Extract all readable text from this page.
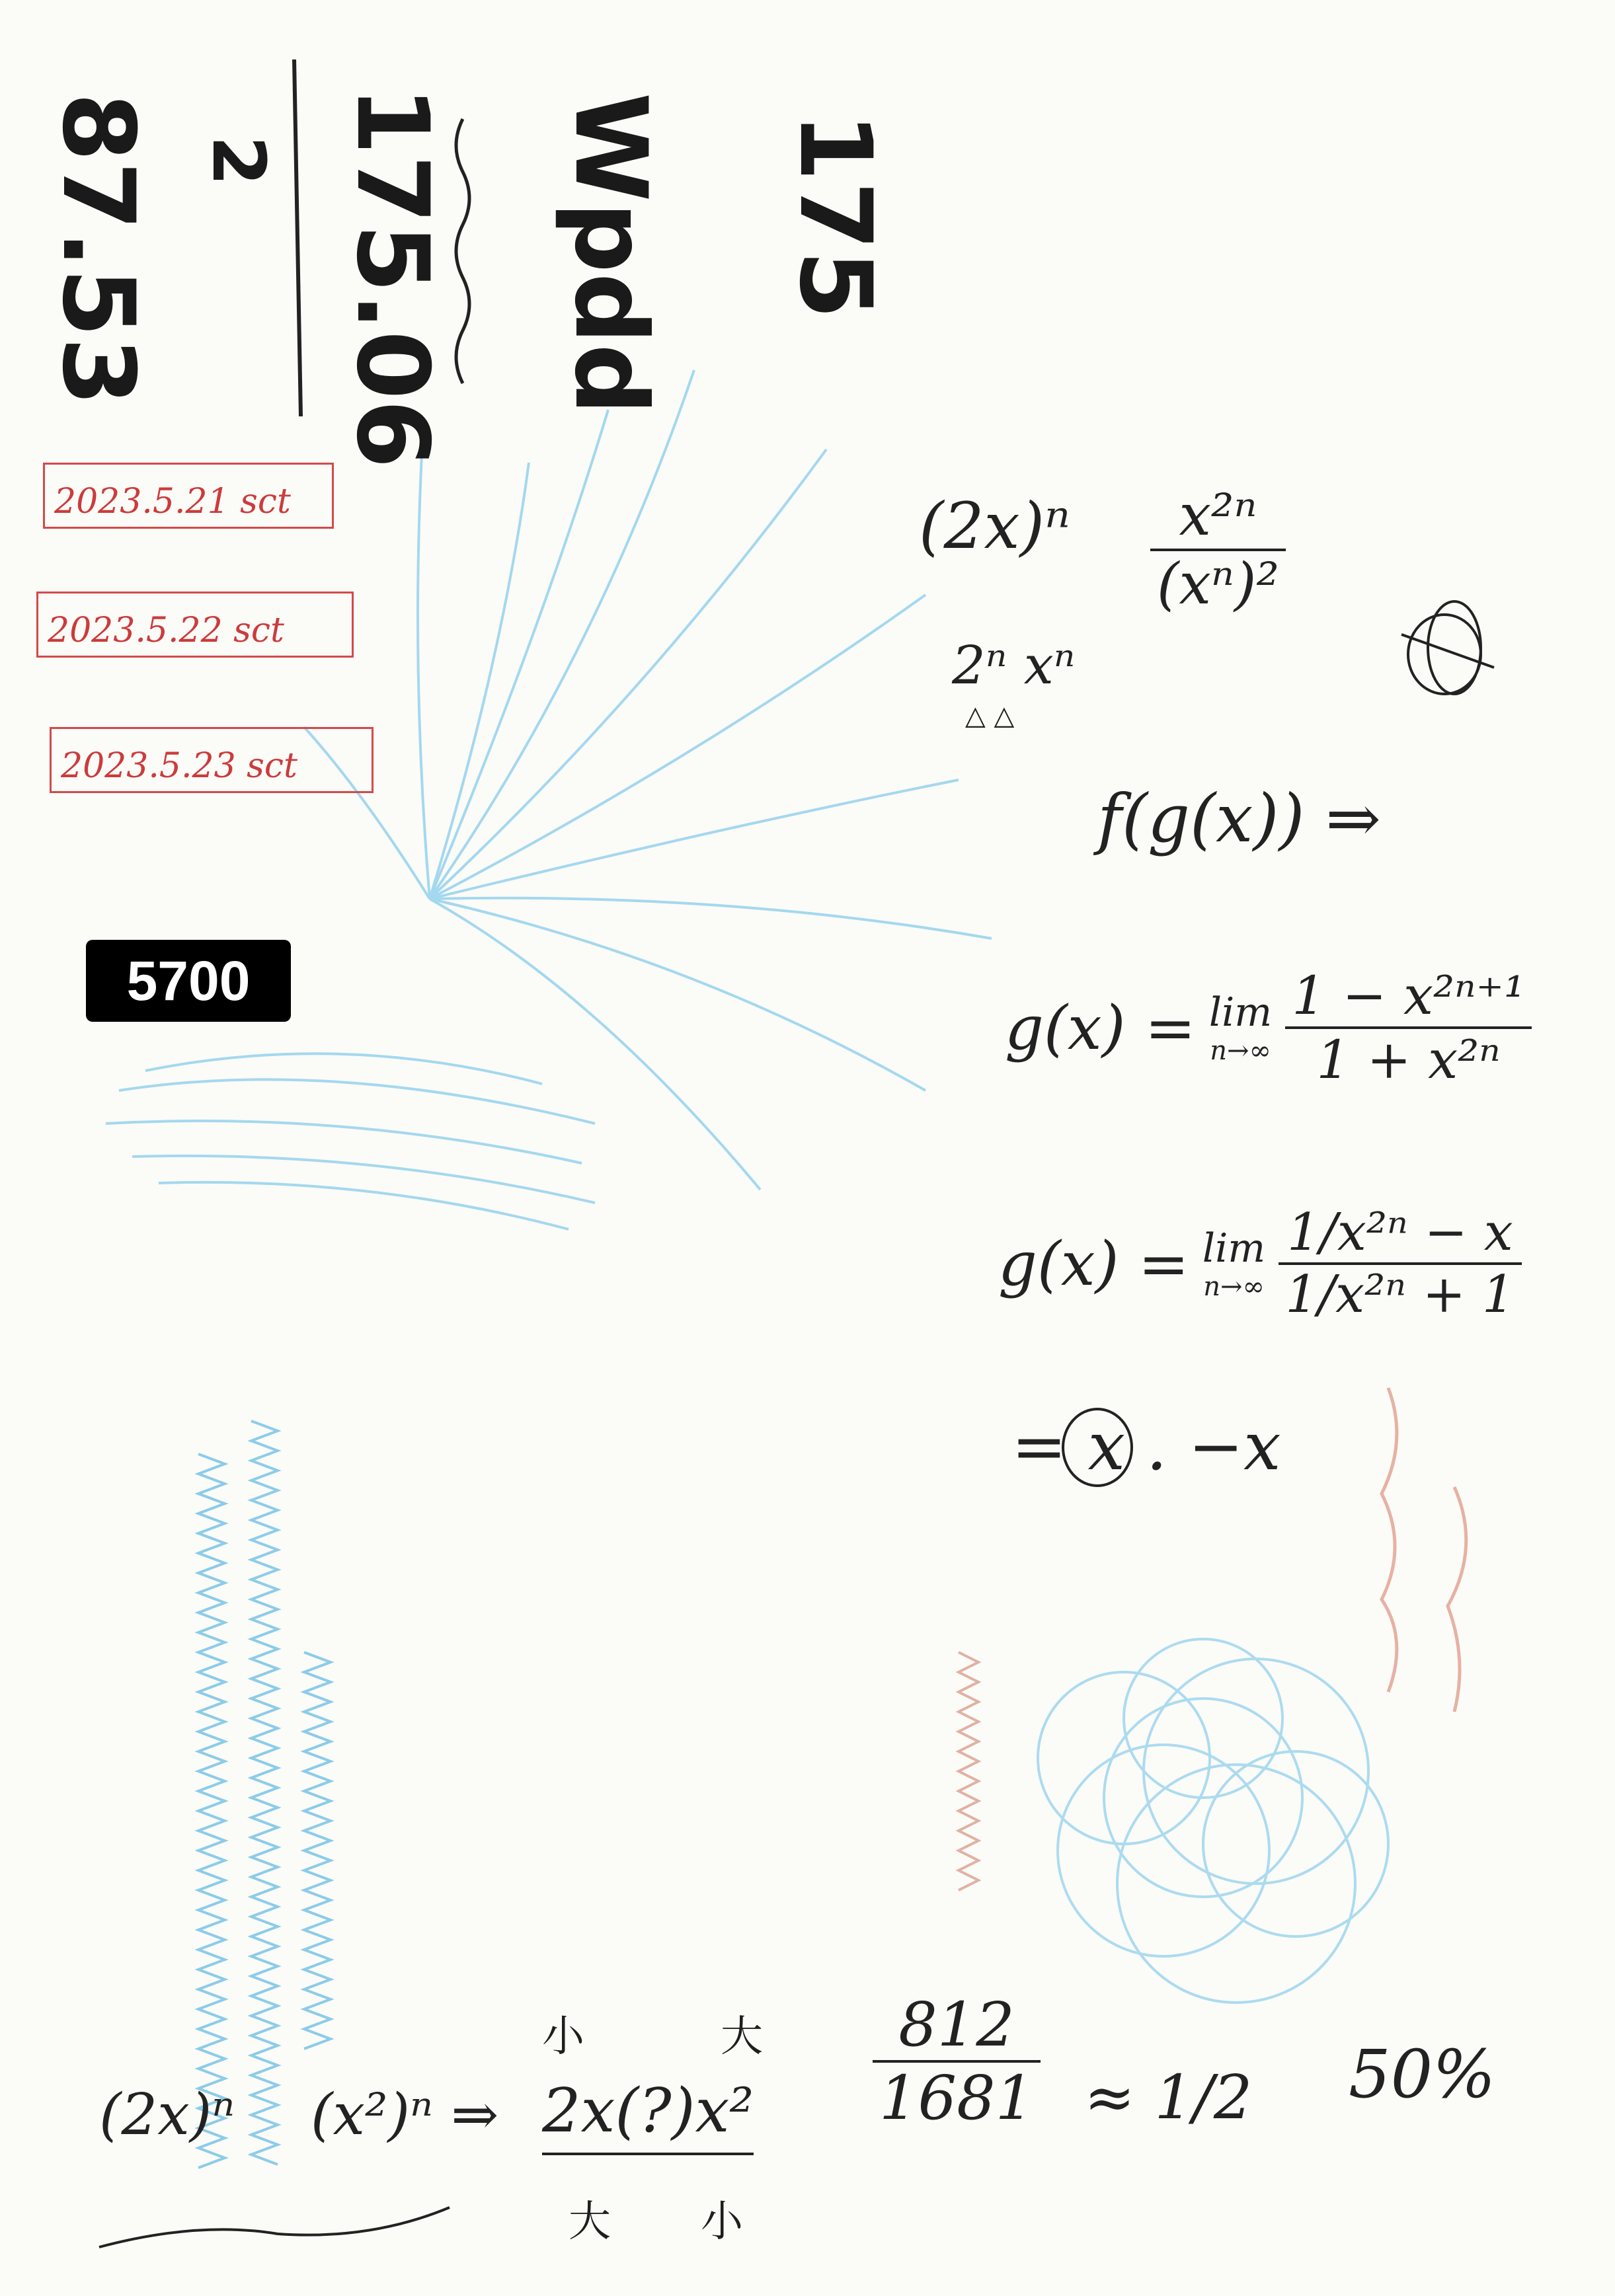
87.53 2 175.06 Wpdd 175
2023.5.21 sct
2023.5.22 sct
2023.5.23 sct
5700
(2x)ⁿ
2ⁿ xⁿ
△ △
$\frac{\text{x²ⁿ}}{\text{(xⁿ)²}}$
f(g(x)) ⇒
g(x) = lim
$n\to\infty \frac{\text{1 − x²ⁿ⁺¹}}{\text{1 + x²ⁿ}}$
g(x) = lim
$n\to\infty \frac{\text{1/x²ⁿ − x}}{\text{1/x²ⁿ + 1}}$
= x . −x
(2x)ⁿ (x²)ⁿ ⇒
小	大
2x(?)x²
大 小
$\frac{812}{1681} \approx 1/2$ 50%
